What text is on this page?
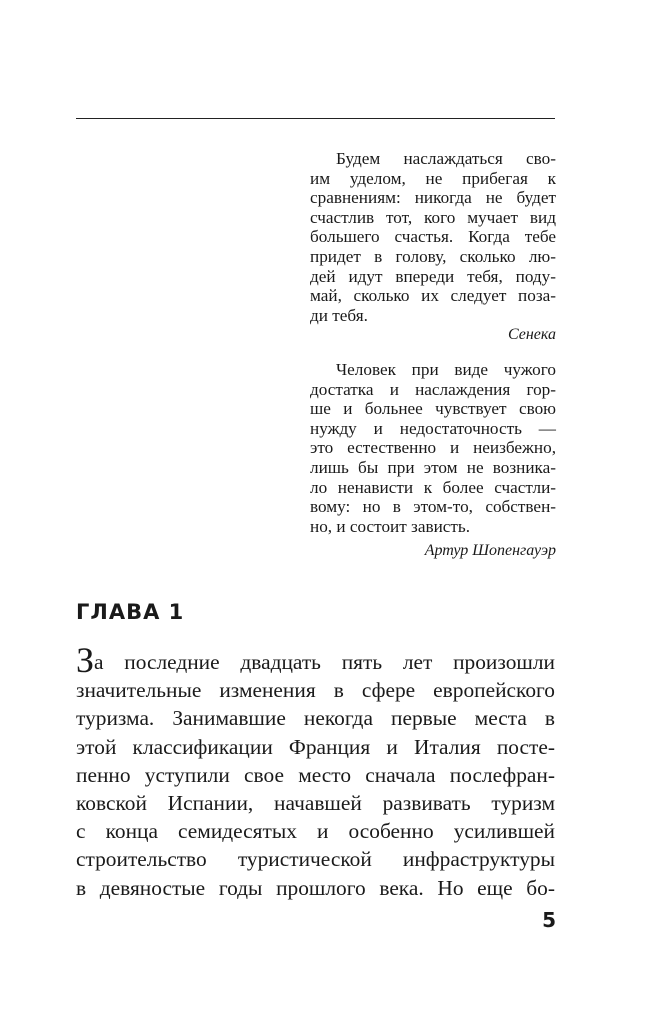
Будем наслаждаться сво-
им уделом, не прибегая к
сравнениям: никогда не будет
счастлив тот, кого мучает вид
большего счастья. Когда тебе
придет в голову, сколько лю-
дей идут впереди тебя, поду-
май, сколько их следует поза-
ди тебя.
Сенека
Человек при виде чужого
достатка и наслаждения гор-
ше и больнее чувствует свою
нужду и недостаточность —
это естественно и неизбежно,
лишь бы при этом не возника-
ло ненависти к более счастли-
вому: но в этом-то, собствен-
но, и состоит зависть.
Артур Шопенгауэр
ГЛАВА 1
За последние двадцать пять лет произошли
значительные изменения в сфере европейского
туризма. Занимавшие некогда первые места в
этой классификации Франция и Италия посте-
пенно уступили свое место сначала послефран-
ковской Испании, начавшей развивать туризм
с конца семидесятых и особенно усилившей
строительство туристической инфраструктуры
в девяностые годы прошлого века. Но еще бо-
5
